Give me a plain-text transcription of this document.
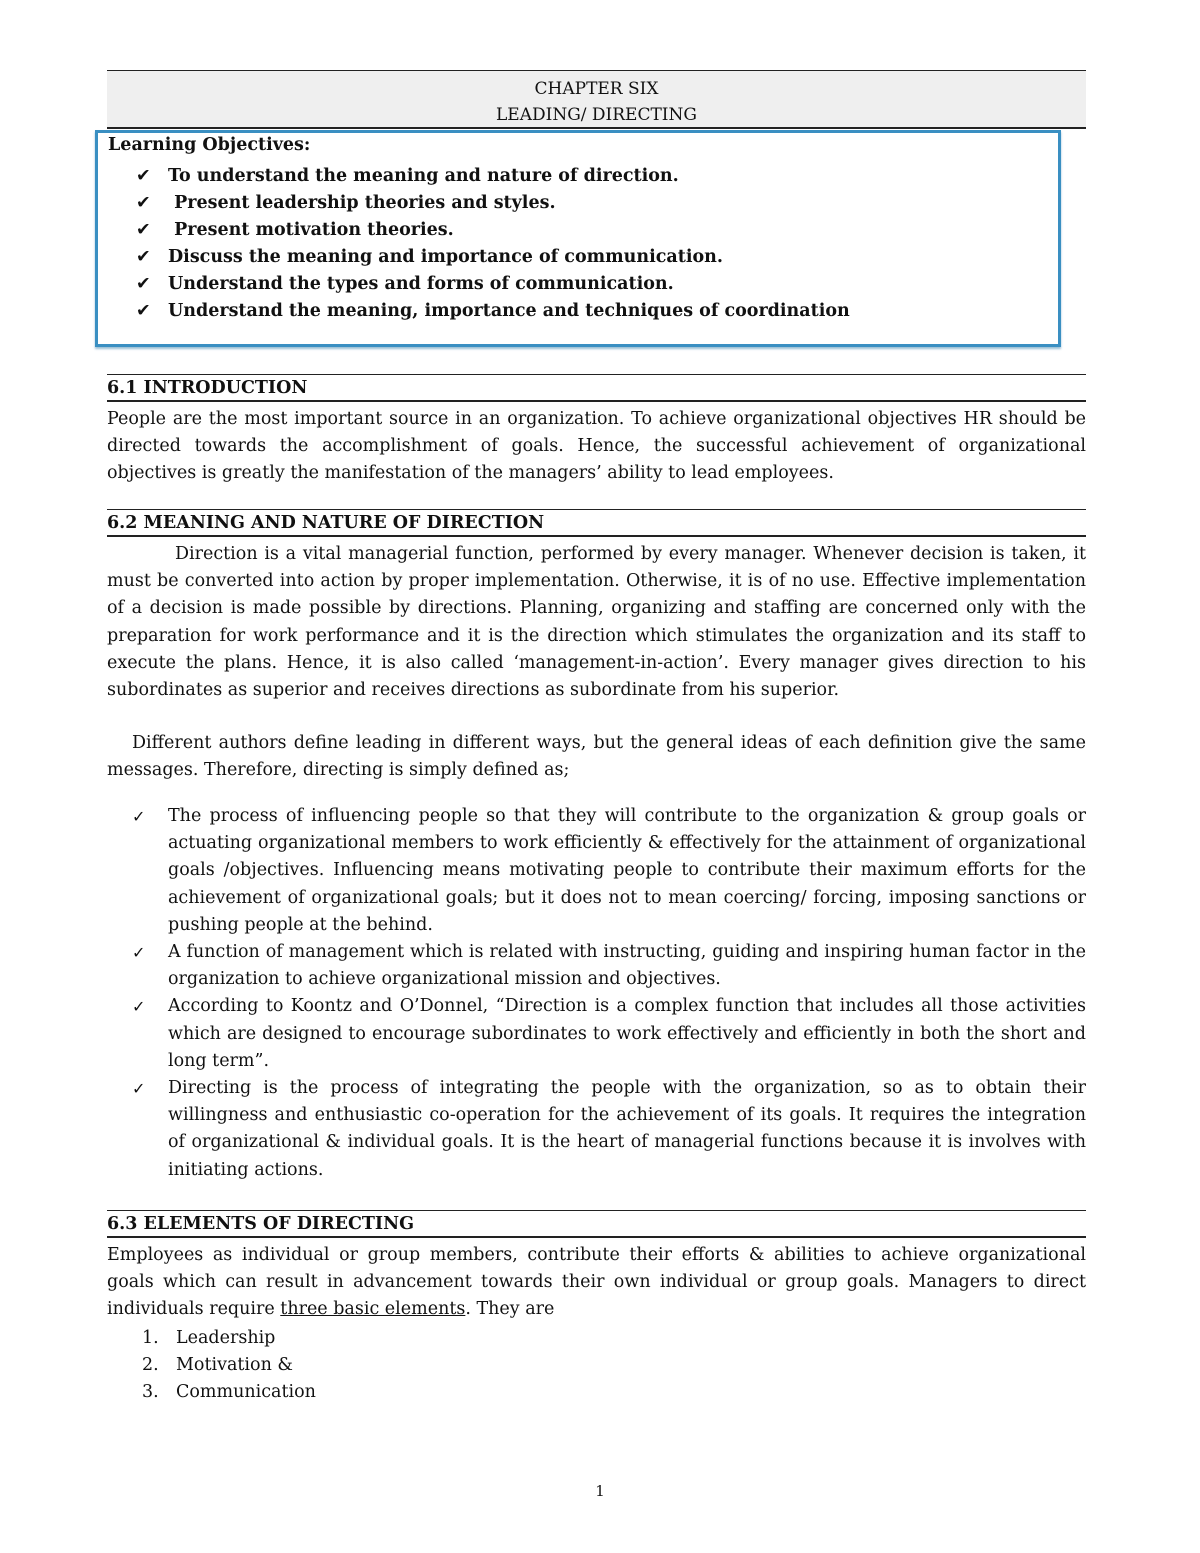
CHAPTER SIX
LEADING/ DIRECTING
Learning Objectives:
✔ To understand the meaning and nature of direction.
✔ Present leadership theories and styles.
✔ Present motivation theories.
✔ Discuss the meaning and importance of communication.
✔ Understand the types and forms of communication.
✔ Understand the meaning, importance and techniques of coordination
6.1 INTRODUCTION

People are the most important source in an organization. To achieve organizational objectives HR should be directed towards the accomplishment of goals. Hence, the successful achievement of organizational objectives is greatly the manifestation of the managers’ ability to lead employees.

6.2 MEANING AND NATURE OF DIRECTION

Direction is a vital managerial function, performed by every manager. Whenever decision is taken, it must be converted into action by proper implementation. Otherwise, it is of no use. Effective implementation of a decision is made possible by directions. Planning, organizing and staffing are concerned only with the preparation for work performance and it is the direction which stimulates the organization and its staff to execute the plans. Hence, it is also called ‘management-in-action’. Every manager gives direction to his subordinates as superior and receives directions as subordinate from his superior.

Different authors define leading in different ways, but the general ideas of each definition give the same messages. Therefore, directing is simply defined as;

✓ The process of influencing people so that they will contribute to the organization & group goals or actuating organizational members to work efficiently & effectively for the attainment of organizational goals /objectives. Influencing means motivating people to contribute their maximum efforts for the achievement of organizational goals; but it does not to mean coercing/ forcing, imposing sanctions or pushing people at the behind.
✓ A function of management which is related with instructing, guiding and inspiring human factor in the organization to achieve organizational mission and objectives.
✓ According to Koontz and O’Donnel, “Direction is a complex function that includes all those activities which are designed to encourage subordinates to work effectively and efficiently in both the short and long term”.
✓ Directing is the process of integrating the people with the organization, so as to obtain their willingness and enthusiastic co-operation for the achievement of its goals. It requires the integration of organizational & individual goals. It is the heart of managerial functions because it is involves with initiating actions.
6.3 ELEMENTS OF DIRECTING

Employees as individual or group members, contribute their efforts & abilities to achieve organizational goals which can result in advancement towards their own individual or group goals. Managers to direct individuals require three basic elements. They are

1. Leadership
2. Motivation &
3. Communication
1
